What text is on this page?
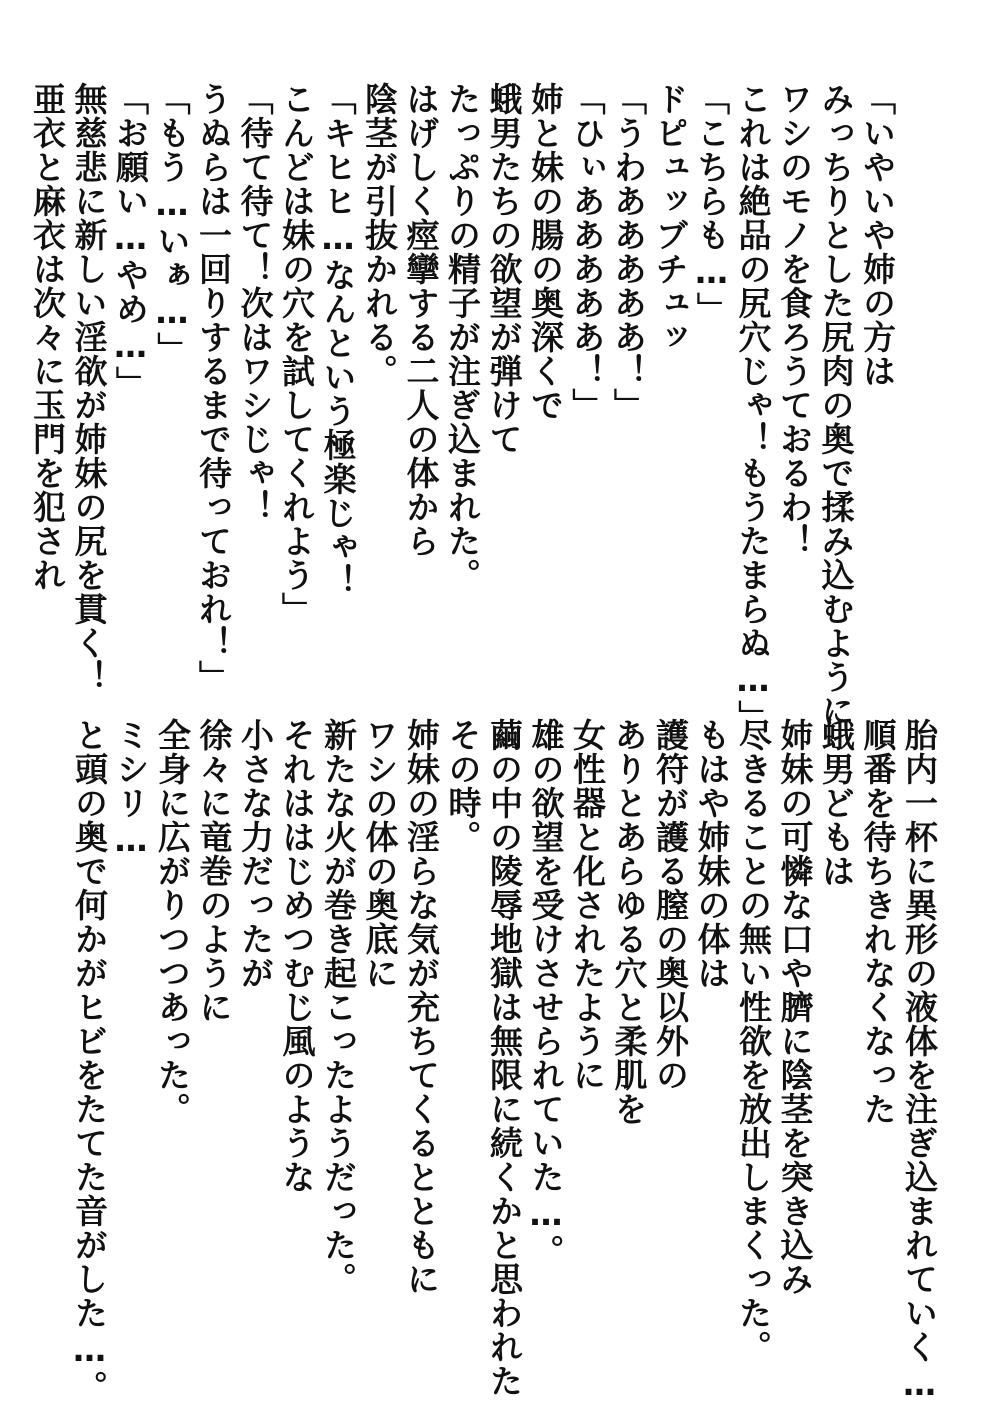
「いやいや姉の方は
みっちりとした尻肉の奥で揉み込むように
ワシのモノを食ろうておるわ！
これは絶品の尻穴じゃ！もうたまらぬ…」
「こちらも…」
ドピュッブチュッ
「うわあああああ！」
「ひぃあああああ！」
姉と妹の腸の奥深くで
蛾男たちの欲望が弾けて
たっぷりの精子が注ぎ込まれた。
はげしく痙攣する二人の体から
陰茎が引抜かれる。
「キヒヒ…なんという極楽じゃ！
こんどは妹の穴を試してくれよう」
「待て待て！次はワシじゃ！
うぬらは一回りするまで待っておれ！」
「もう…いぁ…」
「お願い…やめ…」
無慈悲に新しい淫欲が姉妹の尻を貫く！
亜衣と麻衣は次々に玉門を犯され
胎内一杯に異形の液体を注ぎ込まれていく…
順番を待ちきれなくなった
蛾男どもは
姉妹の可憐な口や臍に陰茎を突き込み
尽きることの無い性欲を放出しまくった。
もはや姉妹の体は
護符が護る膣の奥以外の
ありとあらゆる穴と柔肌を
女性器と化されたように
雄の欲望を受けさせられていた…。
繭の中の陵辱地獄は無限に続くかと思われた
その時。
姉妹の淫らな気が充ちてくるとともに
ワシの体の奥底に
新たな火が巻き起こったようだった。
それははじめつむじ風のような
小さな力だったが
徐々に竜巻のように
全身に広がりつつあった。
ミシリ…
と頭の奥で何かがヒビをたてた音がした…。
